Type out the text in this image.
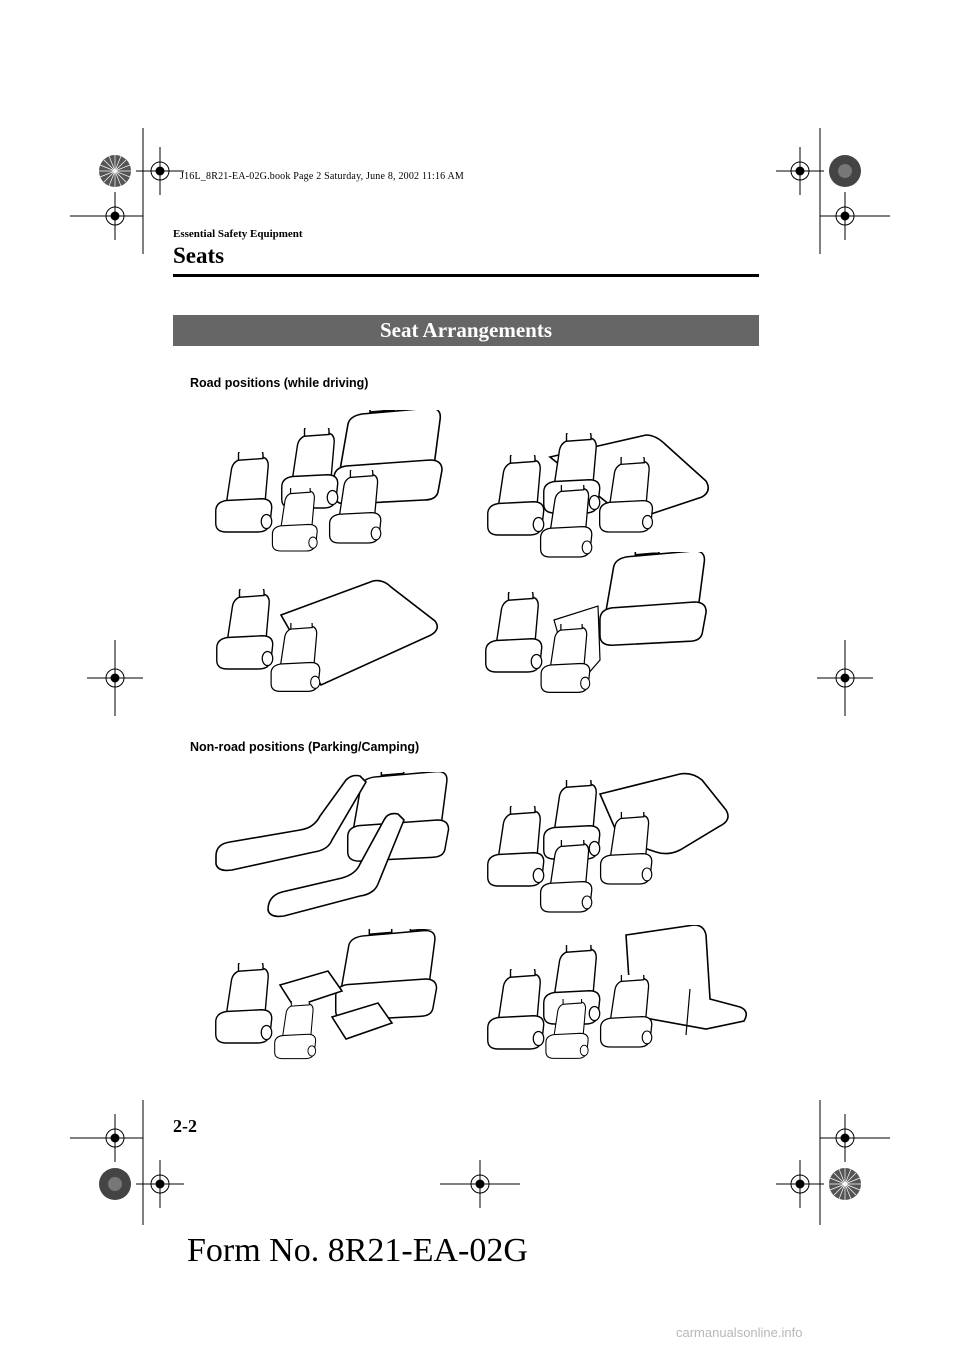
J16L_8R21-EA-02G.book Page 2 Saturday, June 8, 2002 11:16 AM
Essential Safety Equipment
Seats
Seat Arrangements
Road positions (while driving)
Non-road positions (Parking/Camping)
2-2
Form No. 8R21-EA-02G
carmanualsonline.info
